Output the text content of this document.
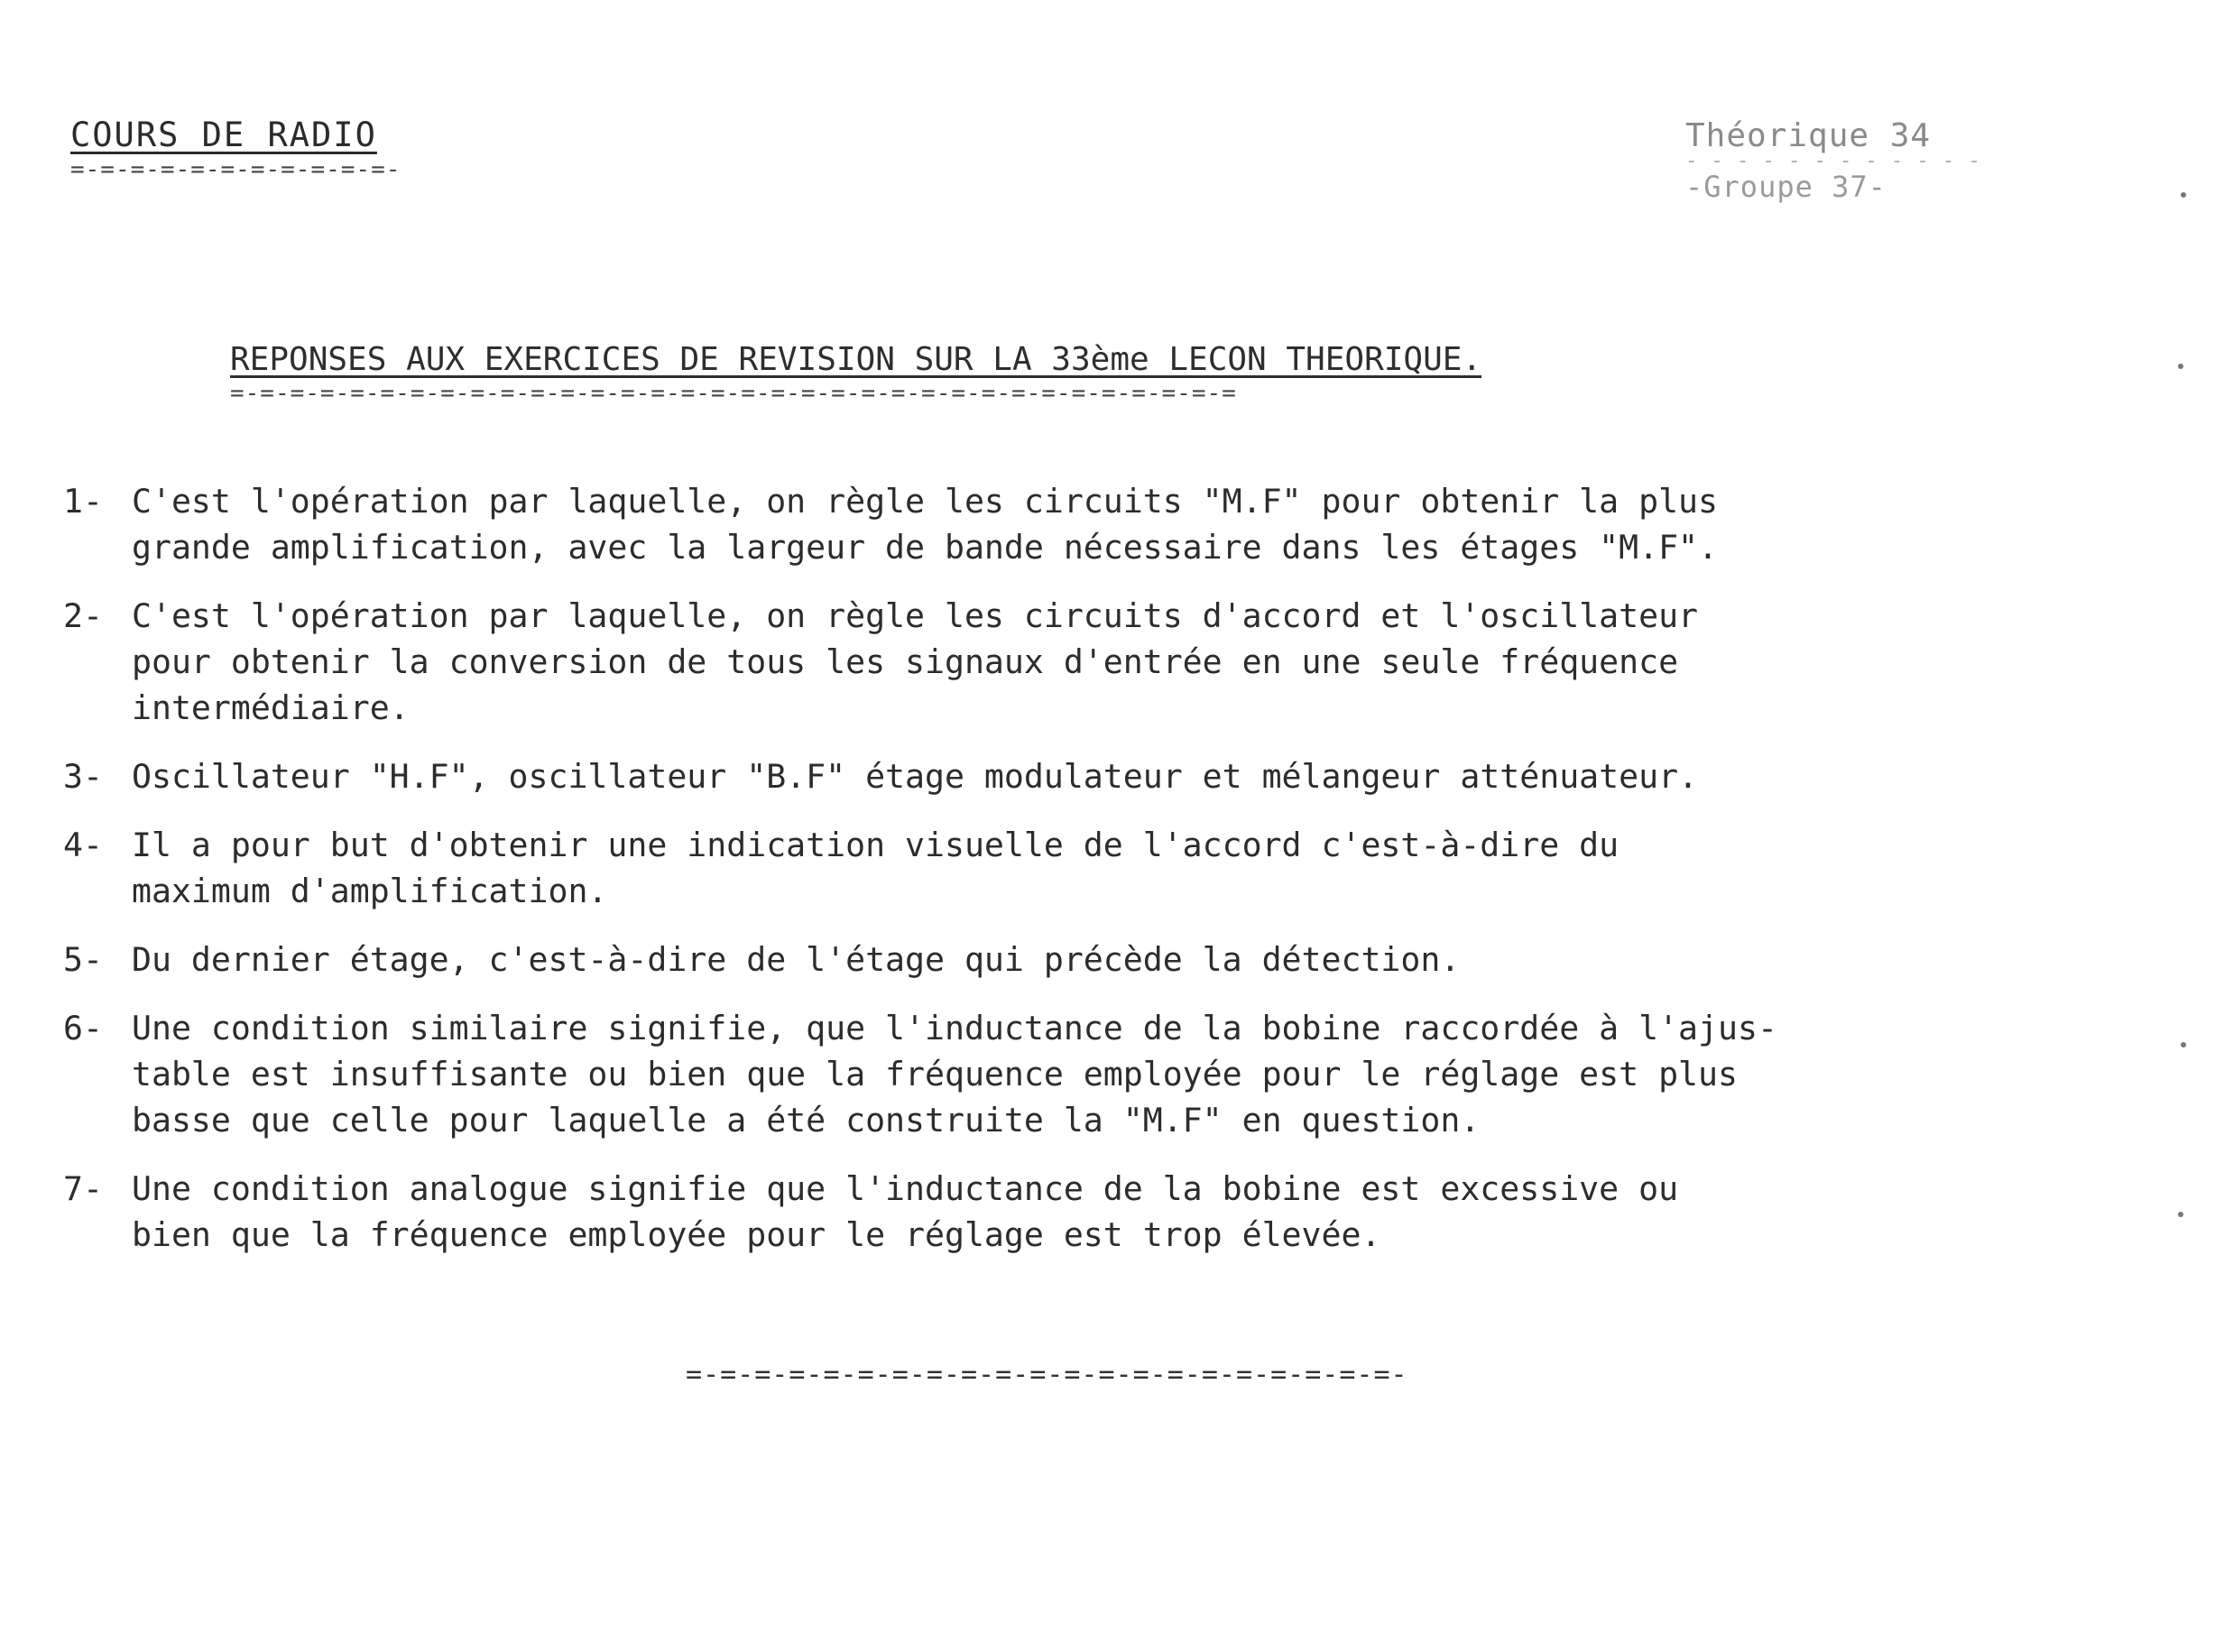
COURS DE RADIO
=-=-=-=-=-=-=-=-=-=-=-
Théorique 34
- - - - - - - - - - - -
-Groupe 37-
REPONSES AUX EXERCICES DE REVISION SUR LA 33ème LECON THEORIQUE.
=-=-=-=-=-=-=-=-=-=-=-=-=-=-=-=-=-=-=-=-=-=-=-=-=-=-=-=-=-=-=-=-=-=
1- C'est l'opération par laquelle, on règle les circuits "M.F" pour obtenir la plus
grande amplification, avec la largeur de bande nécessaire dans les étages "M.F".
2- C'est l'opération par laquelle, on règle les circuits d'accord et l'oscillateur
pour obtenir la conversion de tous les signaux d'entrée en une seule fréquence
intermédiaire.
3- Oscillateur "H.F", oscillateur "B.F" étage modulateur et mélangeur atténuateur.
4- Il a pour but d'obtenir une indication visuelle de l'accord c'est-à-dire du
maximum d'amplification.
5- Du dernier étage, c'est-à-dire de l'étage qui précède la détection.
6- Une condition similaire signifie, que l'inductance de la bobine raccordée à l'ajus-
table est insuffisante ou bien que la fréquence employée pour le réglage est plus
basse que celle pour laquelle a été construite la "M.F" en question.
7- Une condition analogue signifie que l'inductance de la bobine est excessive ou
bien que la fréquence employée pour le réglage est trop élevée.
=-=-=-=-=-=-=-=-=-=-=-=-=-=-=-=-=-=-=-=-=-
